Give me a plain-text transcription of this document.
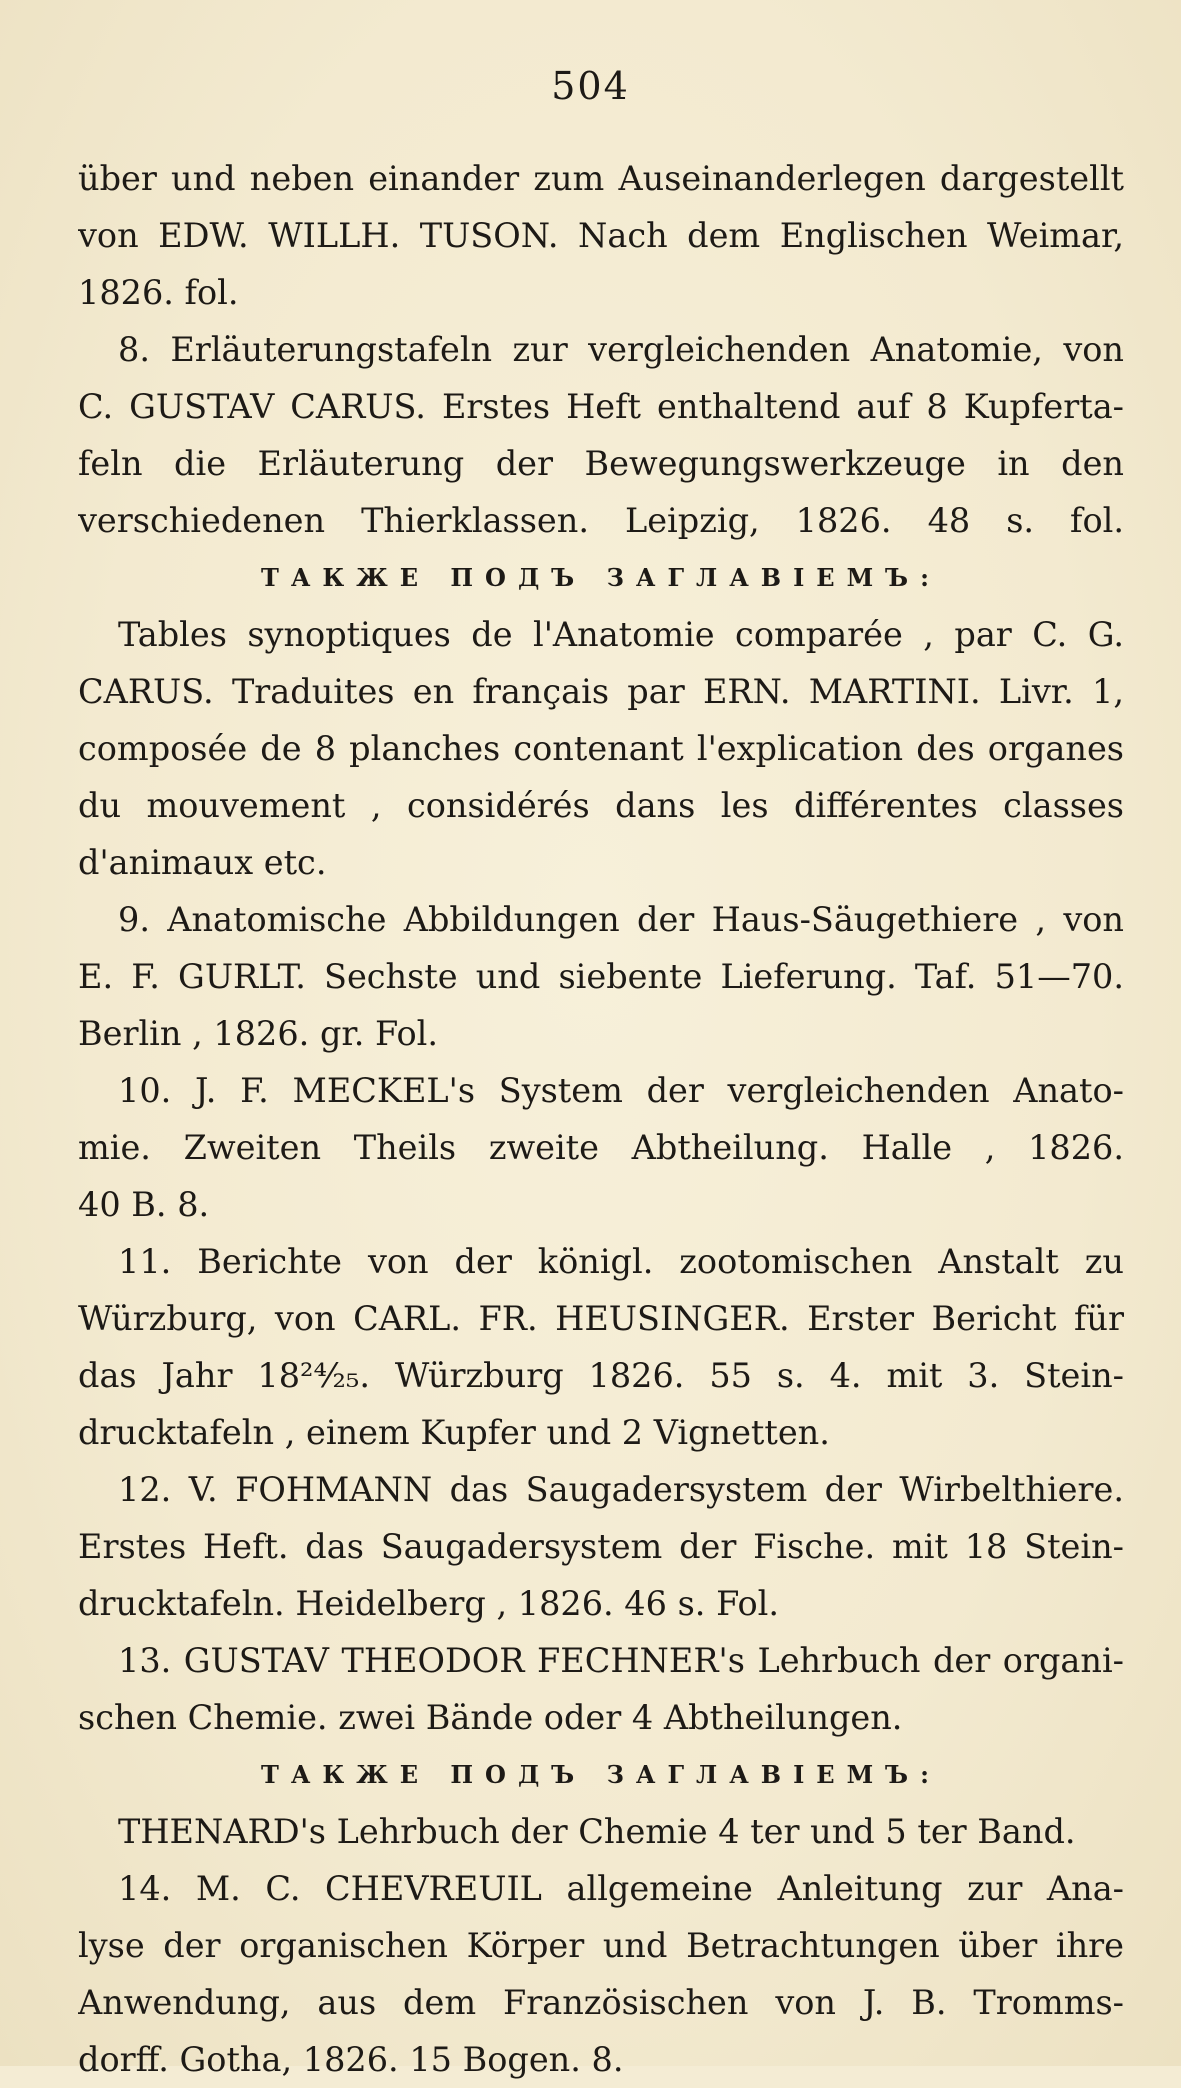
504
über und neben einander zum Auseinanderlegen dargestellt
von EDW. WILLH. TUSON. Nach dem Englischen Weimar,
1826. fol.
8. Erläuterungstafeln zur vergleichenden Anatomie, von
C. GUSTAV CARUS. Erstes Heft enthaltend auf 8 Kupferta-
feln die Erläuterung der Bewegungswerkzeuge in den
verschiedenen Thierklassen. Leipzig, 1826. 48 s. fol.
ТАКЖЕ ПОДЪ ЗАГЛАВІЕМЪ:
Tables synoptiques de l'Anatomie comparée , par C. G.
CARUS. Traduites en français par ERN. MARTINI. Livr. 1,
composée de 8 planches contenant l'explication des organes
du mouvement , considérés dans les différentes classes
d'animaux etc.
9. Anatomische Abbildungen der Haus-Säugethiere , von
E. F. GURLT. Sechste und siebente Lieferung. Taf. 51—70.
Berlin , 1826. gr. Fol.
10. J. F. MECKEL's System der vergleichenden Anato-
mie. Zweiten Theils zweite Abtheilung. Halle , 1826.
40 B. 8.
11. Berichte von der königl. zootomischen Anstalt zu
Würzburg, von CARL. FR. HEUSINGER. Erster Bericht für
das Jahr 18²⁴⁄₂₅. Würzburg 1826. 55 s. 4. mit 3. Stein-
drucktafeln , einem Kupfer und 2 Vignetten.
12. V. FOHMANN das Saugadersystem der Wirbelthiere.
Erstes Heft. das Saugadersystem der Fische. mit 18 Stein-
drucktafeln. Heidelberg , 1826. 46 s. Fol.
13. GUSTAV THEODOR FECHNER's Lehrbuch der organi-
schen Chemie. zwei Bände oder 4 Abtheilungen.
ТАКЖЕ ПОДЪ ЗАГЛАВІЕМЪ:
THENARD's Lehrbuch der Chemie 4 ter und 5 ter Band.
14. M. C. CHEVREUIL allgemeine Anleitung zur Ana-
lyse der organischen Körper und Betrachtungen über ihre
Anwendung, aus dem Französischen von J. B. Tromms-
dorff. Gotha, 1826. 15 Bogen. 8.
